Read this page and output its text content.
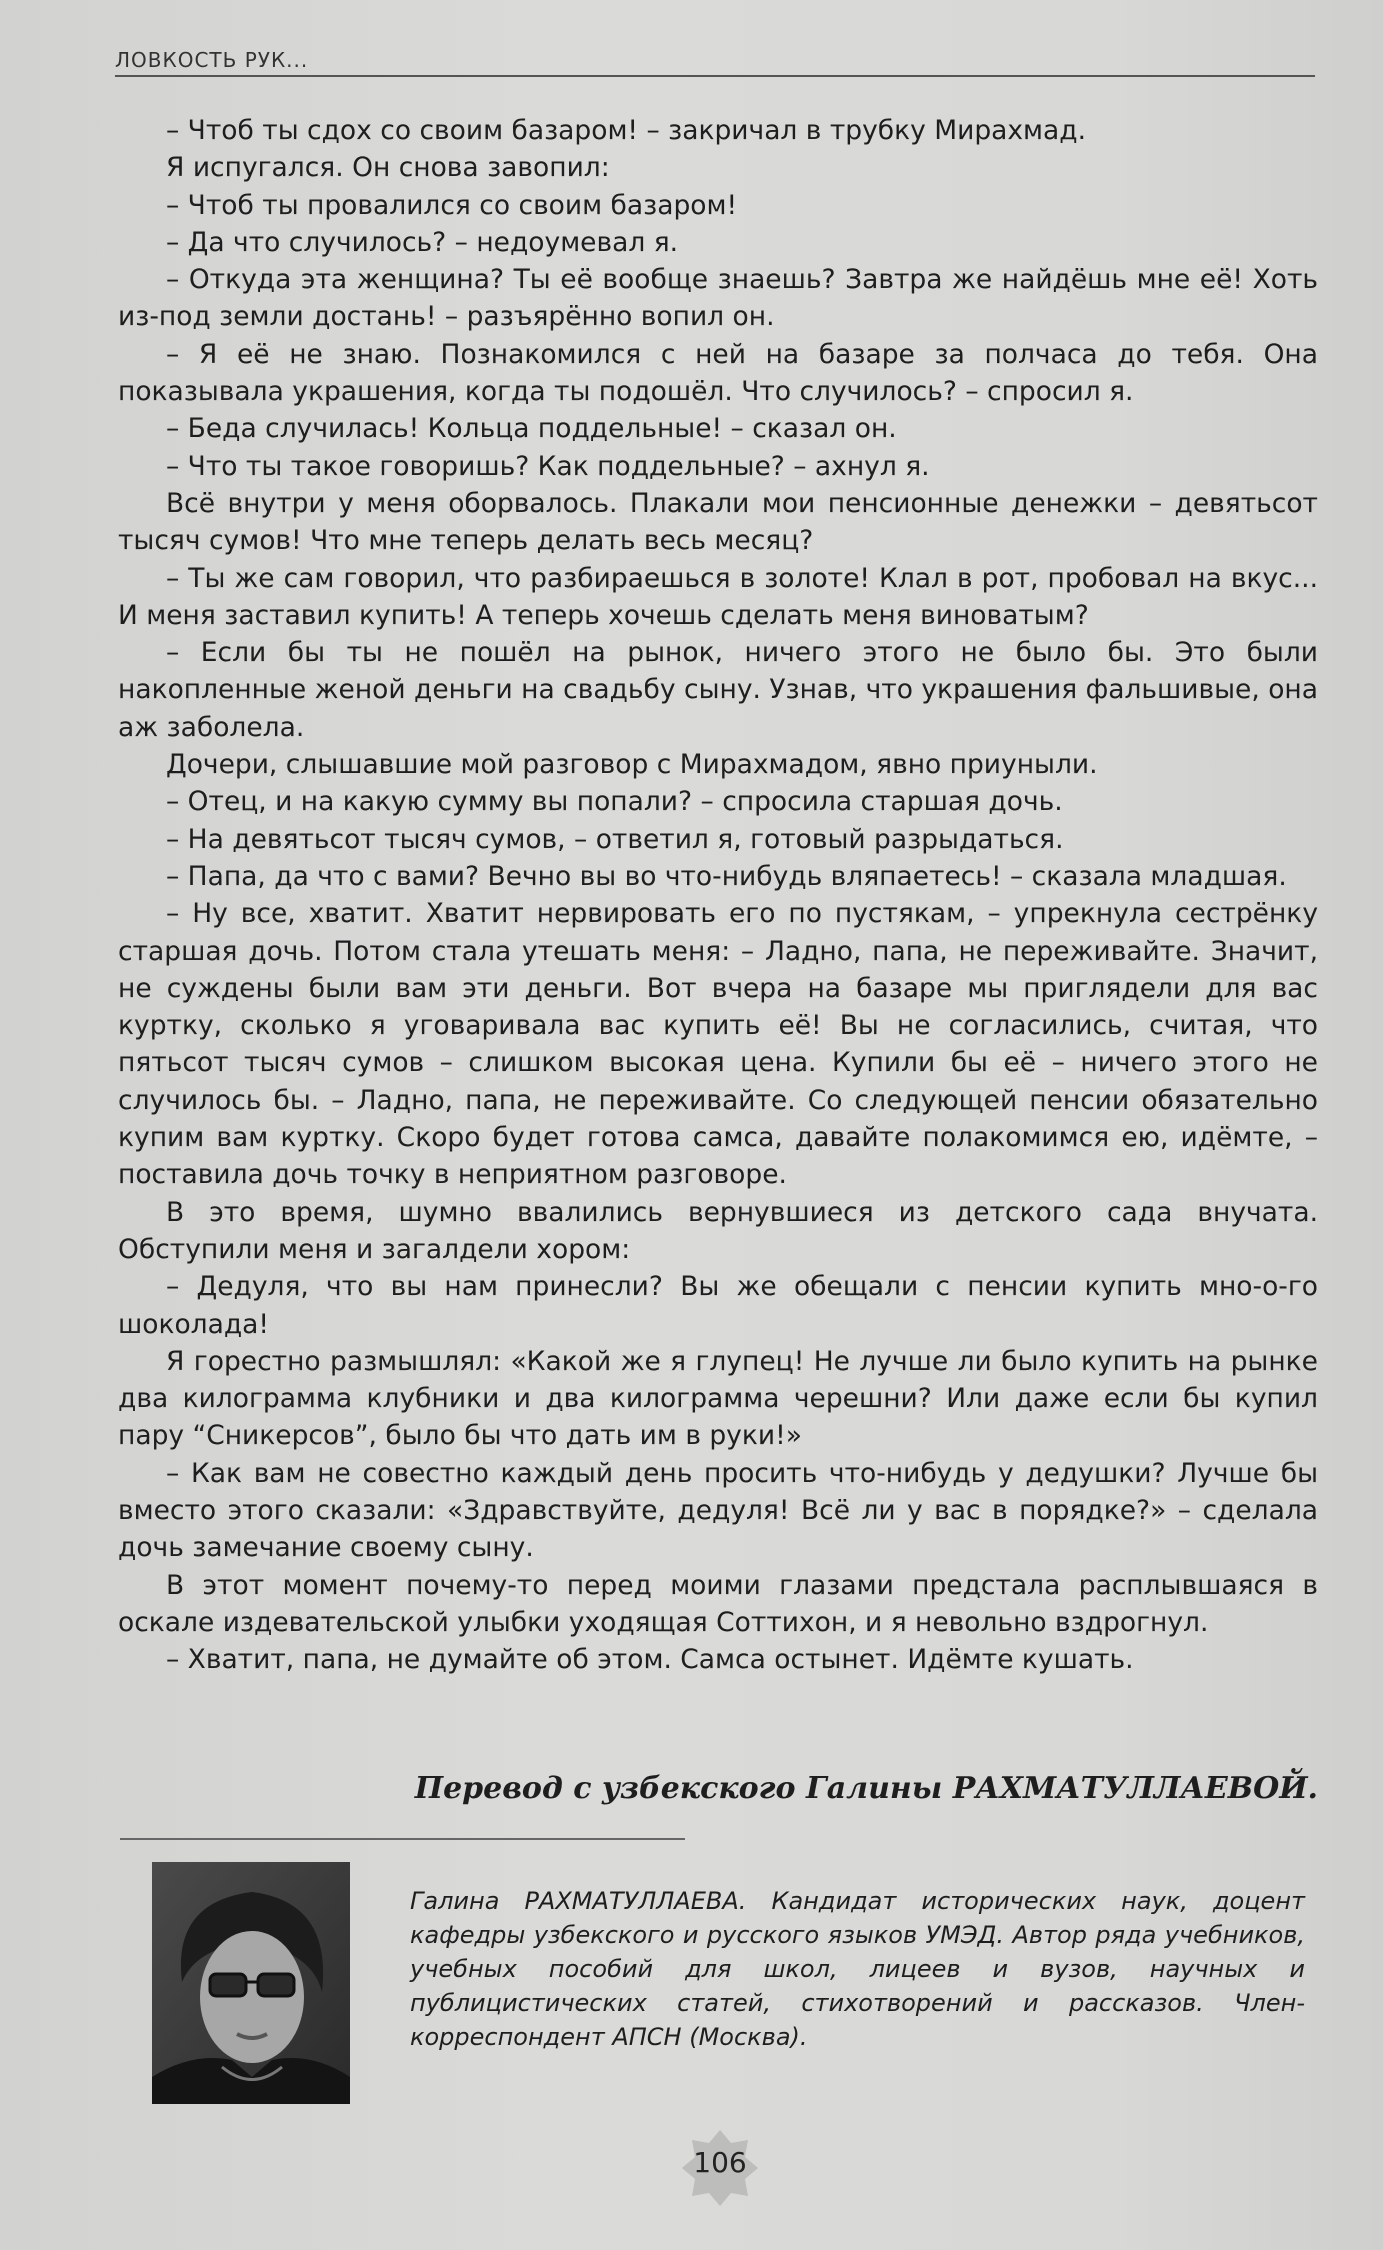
ЛОВКОСТЬ РУК...

– Чтоб ты сдох со своим базаром! – закричал в трубку Мирахмад.

Я испугался. Он снова завопил:

– Чтоб ты провалился со своим базаром!

– Да что случилось? – недоумевал я.

– Откуда эта женщина? Ты её вообще знаешь? Завтра же найдёшь мне её! Хоть из-под земли достань! – разъярённо вопил он.

– Я её не знаю. Познакомился с ней на базаре за полчаса до тебя. Она показывала украшения, когда ты подошёл. Что случилось? – спросил я.

– Беда случилась! Кольца поддельные! – сказал он.

– Что ты такое говоришь? Как поддельные? – ахнул я.

Всё внутри у меня оборвалось. Плакали мои пенсионные денежки – девятьсот тысяч сумов! Что мне теперь делать весь месяц?

– Ты же сам говорил, что разбираешься в золоте! Клал в рот, пробовал на вкус... И меня заставил купить! А теперь хочешь сделать меня виноватым?

– Если бы ты не пошёл на рынок, ничего этого не было бы. Это были накопленные женой деньги на свадьбу сыну. Узнав, что украшения фальшивые, она аж заболела.

Дочери, слышавшие мой разговор с Мирахмадом, явно приуныли.

– Отец, и на какую сумму вы попали? – спросила старшая дочь.

– На девятьсот тысяч сумов, – ответил я, готовый разрыдаться.

– Папа, да что с вами? Вечно вы во что-нибудь вляпаетесь! – сказала младшая.

– Ну все, хватит. Хватит нервировать его по пустякам, – упрекнула сестрёнку старшая дочь. Потом стала утешать меня: – Ладно, папа, не переживайте. Значит, не суждены были вам эти деньги. Вот вчера на базаре мы приглядели для вас куртку, сколько я уговаривала вас купить её! Вы не согласились, считая, что пятьсот тысяч сумов – слишком высокая цена. Купили бы её – ничего этого не случилось бы. – Ладно, папа, не переживайте. Со следующей пенсии обязательно купим вам куртку. Скоро будет готова самса, давайте полакомимся ею, идёмте, – поставила дочь точку в неприятном разговоре.

В это время, шумно ввалились вернувшиеся из детского сада внучата. Обступили меня и загалдели хором:

– Дедуля, что вы нам принесли? Вы же обещали с пенсии купить мно-о-го шоколада!

Я горестно размышлял: «Какой же я глупец! Не лучше ли было купить на рынке два килограмма клубники и два килограмма черешни? Или даже если бы купил пару “Сникерсов”, было бы что дать им в руки!»

– Как вам не совестно каждый день просить что-нибудь у дедушки? Лучше бы вместо этого сказали: «Здравствуйте, дедуля! Всё ли у вас в порядке?» – сделала дочь замечание своему сыну.

В этот момент почему-то перед моими глазами предстала расплывшаяся в оскале издевательской улыбки уходящая Соттихон, и я невольно вздрогнул.

– Хватит, папа, не думайте об этом. Самса остынет. Идёмте кушать.

Перевод с узбекского Галины РАХМАТУЛЛАЕВОЙ.
Галина РАХМАТУЛЛАЕВА. Кандидат исторических наук, доцент кафедры узбекского и русского языков УМЭД. Автор ряда учебников, учебных пособий для школ, лицеев и вузов, научных и публицистических статей, стихотворений и рассказов. Член-корреспондент АПСН (Москва).
106
